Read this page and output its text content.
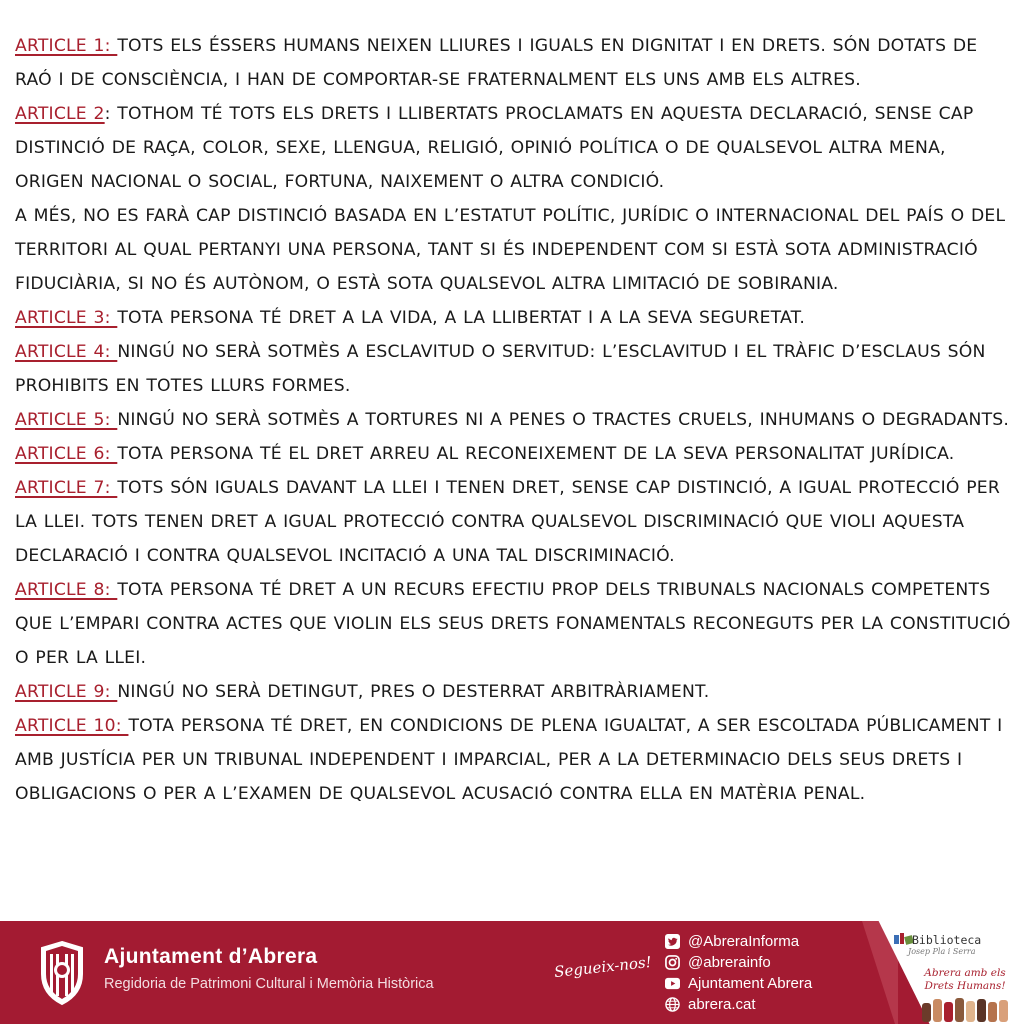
ARTICLE 1: TOTS ELS ÉSSERS HUMANS NEIXEN LLIURES I IGUALS EN DIGNITAT I EN DRETS. SÓN DOTATS DE RAÓ I DE CONSCIÈNCIA, I HAN DE COMPORTAR-SE FRATERNALMENT ELS UNS AMB ELS ALTRES.

ARTICLE 2: TOTHOM TÉ TOTS ELS DRETS I LLIBERTATS PROCLAMATS EN AQUESTA DECLARACIÓ, SENSE CAP DISTINCIÓ DE RAÇA, COLOR, SEXE, LLENGUA, RELIGIÓ, OPINIÓ POLÍTICA O DE QUALSEVOL ALTRA MENA, ORIGEN NACIONAL O SOCIAL, FORTUNA, NAIXEMENT O ALTRA CONDICIÓ.

A MÉS, NO ES FARÀ CAP DISTINCIÓ BASADA EN L’ESTATUT POLÍTIC, JURÍDIC O INTERNACIONAL DEL PAÍS O DEL TERRITORI AL QUAL PERTANYI UNA PERSONA, TANT SI ÉS INDEPENDENT COM SI ESTÀ SOTA ADMINISTRACIÓ FIDUCIÀRIA, SI NO ÉS AUTÒNOM, O ESTÀ SOTA QUALSEVOL ALTRA LIMITACIÓ DE SOBIRANIA.

ARTICLE 3: TOTA PERSONA TÉ DRET A LA VIDA, A LA LLIBERTAT I A LA SEVA SEGURETAT.

ARTICLE 4: NINGÚ NO SERÀ SOTMÈS A ESCLAVITUD O SERVITUD: L’ESCLAVITUD I EL TRÀFIC D’ESCLAUS SÓN PROHIBITS EN TOTES LLURS FORMES.

ARTICLE 5: NINGÚ NO SERÀ SOTMÈS A TORTURES NI A PENES O TRACTES CRUELS, INHUMANS O DEGRADANTS.

ARTICLE 6: TOTA PERSONA TÉ EL DRET ARREU AL RECONEIXEMENT DE LA SEVA PERSONALITAT JURÍDICA.

ARTICLE 7: TOTS SÓN IGUALS DAVANT LA LLEI I TENEN DRET, SENSE CAP DISTINCIÓ, A IGUAL PROTECCIÓ PER LA LLEI. TOTS TENEN DRET A IGUAL PROTECCIÓ CONTRA QUALSEVOL DISCRIMINACIÓ QUE VIOLI AQUESTA DECLARACIÓ I CONTRA QUALSEVOL INCITACIÓ A UNA TAL DISCRIMINACIÓ.

ARTICLE 8: TOTA PERSONA TÉ DRET A UN RECURS EFECTIU PROP DELS TRIBUNALS NACIONALS COMPETENTS QUE L’EMPARI CONTRA ACTES QUE VIOLIN ELS SEUS DRETS FONAMENTALS RECONEGUTS PER LA CONSTITUCIÓ O PER LA LLEI.

ARTICLE 9: NINGÚ NO SERÀ DETINGUT, PRES O DESTERRAT ARBITRÀRIAMENT.

ARTICLE 10: TOTA PERSONA TÉ DRET, EN CONDICIONS DE PLENA IGUALTAT, A SER ESCOLTADA PÚBLICAMENT I AMB JUSTÍCIA PER UN TRIBUNAL INDEPENDENT I IMPARCIAL, PER A LA DETERMINACIO DELS SEUS DRETS I OBLIGACIONS O PER A L’EXAMEN DE QUALSEVOL ACUSACIÓ CONTRA ELLA EN MATÈRIA PENAL.

Ajuntament d’Abrera
Regidoria de Patrimoni Cultural i Memòria Històrica
Segueix-nos!
@AbreraInforma
@abrerainfo
Ajuntament Abrera
abrera.cat
Biblioteca
Josep Pla i Serra
Abrera amb els Drets Humans!
